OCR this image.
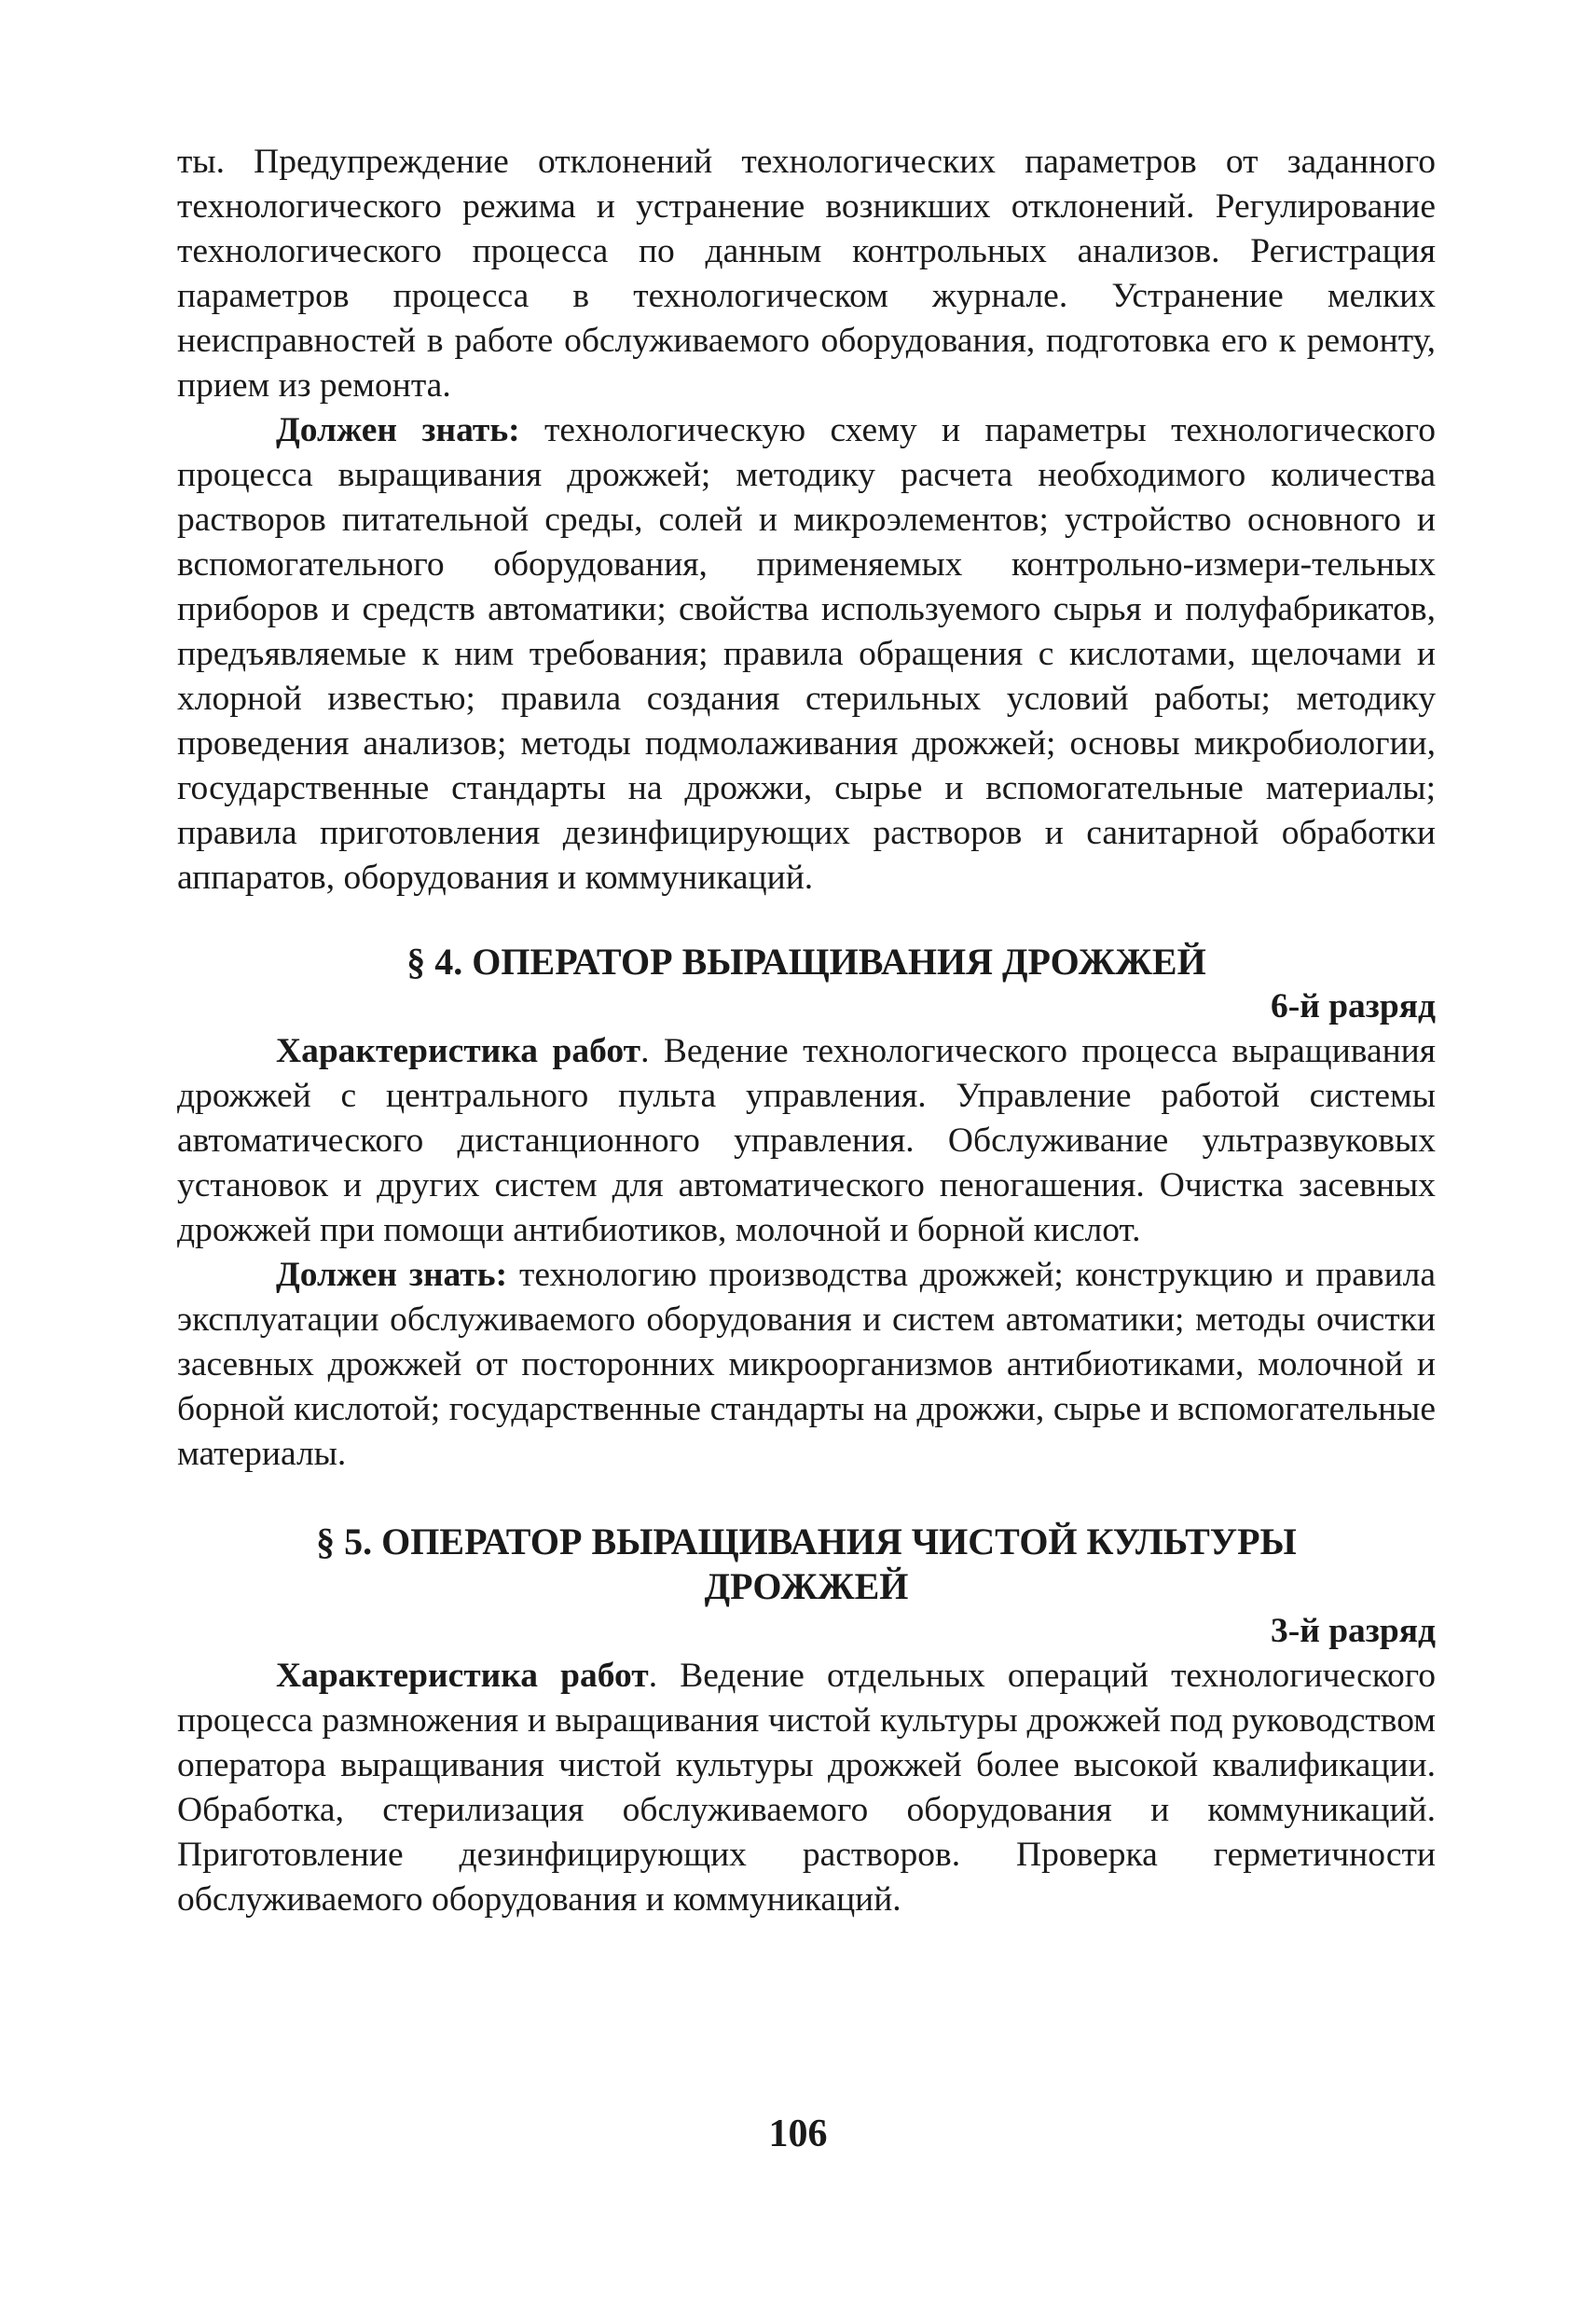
ты. Предупреждение отклонений технологических параметров от заданного технологического режима и устранение возникших отклонений. Регулирование технологического процесса по данным контрольных анализов. Регистрация параметров процесса в технологическом журнале. Устранение мелких неисправностей в работе обслуживаемого оборудования, подготовка его к ремонту, прием из ремонта.

Должен знать: технологическую схему и параметры технологического процесса выращивания дрожжей; методику расчета необходимого количества растворов питательной среды, солей и микроэлементов; устройство основного и вспомогательного оборудования, применяемых контрольно-измери-тельных приборов и средств автоматики; свойства используемого сырья и полуфабрикатов, предъявляемые к ним требования; правила обращения с кислотами, щелочами и хлорной известью; правила создания стерильных условий работы; методику проведения анализов; методы подмолаживания дрожжей; основы микробиологии, государственные стандарты на дрожжи, сырье и вспомогательные материалы; правила приготовления дезинфицирующих растворов и санитарной обработки аппаратов, оборудования и коммуникаций.

§ 4. ОПЕРАТОР ВЫРАЩИВАНИЯ ДРОЖЖЕЙ
6-й разряд

Характеристика работ. Ведение технологического процесса выращивания дрожжей с центрального пульта управления. Управление работой системы автоматического дистанционного управления. Обслуживание ультразвуковых установок и других систем для автоматического пеногашения. Очистка засевных дрожжей при помощи антибиотиков, молочной и борной кислот.

Должен знать: технологию производства дрожжей; конструкцию и правила эксплуатации обслуживаемого оборудования и систем автоматики; методы очистки засевных дрожжей от посторонних микроорганизмов антибиотиками, молочной и борной кислотой; государственные стандарты на дрожжи, сырье и вспомогательные материалы.

§ 5. ОПЕРАТОР ВЫРАЩИВАНИЯ ЧИСТОЙ КУЛЬТУРЫ
ДРОЖЖЕЙ
3-й разряд

Характеристика работ. Ведение отдельных операций технологического процесса размножения и выращивания чистой культуры дрожжей под руководством оператора выращивания чистой культуры дрожжей более высокой квалификации. Обработка, стерилизация обслуживаемого оборудования и коммуникаций. Приготовление дезинфицирующих растворов. Проверка герметичности обслуживаемого оборудования и коммуникаций.

106
